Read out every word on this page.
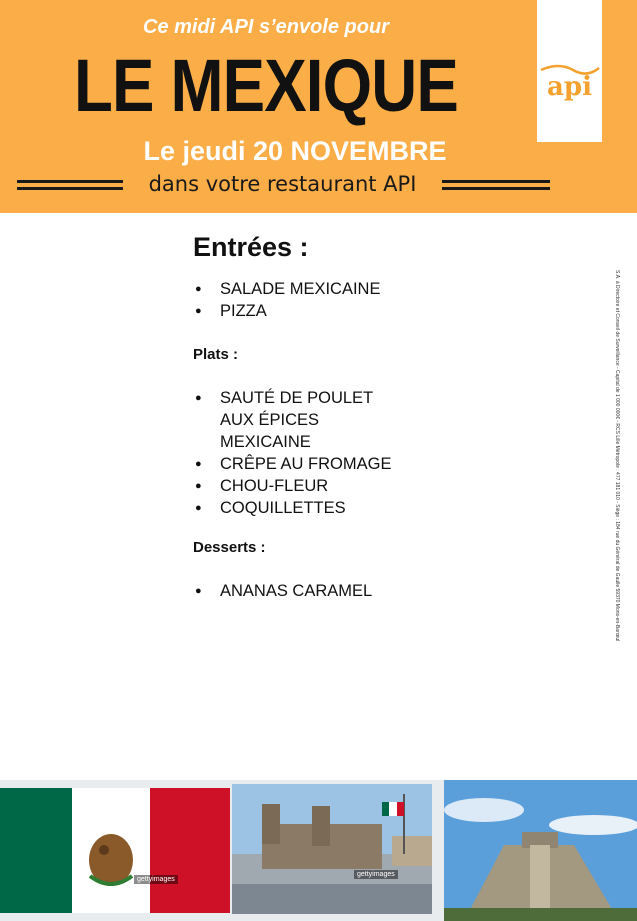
Ce midi API s’envole pour
LE MEXIQUE
Le jeudi 20 NOVEMBRE
dans votre restaurant API
api
Entrées :
● SALADE MEXICAINE
● PIZZA
Plats :
● SAUTÉ DE POULET AUX ÉPICES MEXICAINE
● CRÊPE AU FROMAGE
● CHOU-FLEUR
● COQUILLETTES
Desserts :
● ANANAS CARAMEL	S.A. à Directoire et Conseil de Surveillance - Capital de 1 000 000€ - RCS Lille Métropole : 477 181 010 - Siège : 184 rue du Général de Gaulle 59370 Mons-en-Barœul
gettyimages
gettyimages
